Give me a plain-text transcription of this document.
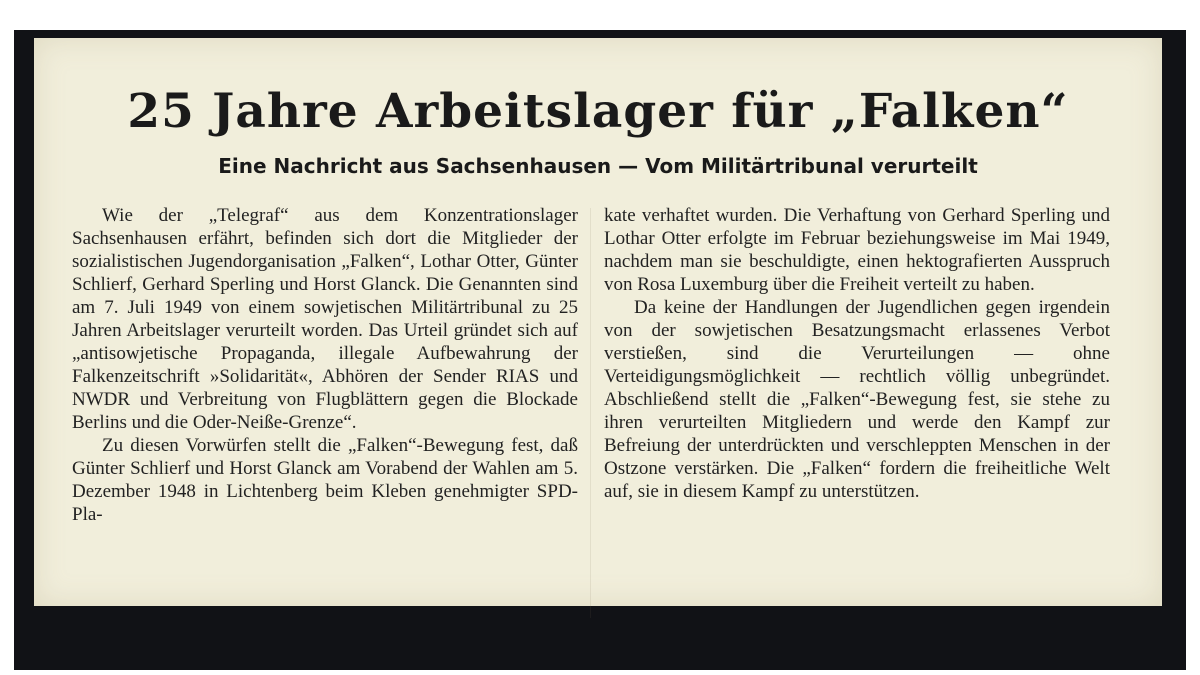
25 Jahre Arbeitslager für „Falken“
Eine Nachricht aus Sachsenhausen — Vom Militärtribunal verurteilt

Wie der „Telegraf“ aus dem Konzentrationslager Sachsenhausen erfährt, befinden sich dort die Mitglieder der sozialistischen Jugendorganisation „Falken“, Lothar Otter, Günter Schlierf, Gerhard Sperling und Horst Glanck. Die Genannten sind am 7. Juli 1949 von einem sowjetischen Militärtribunal zu 25 Jahren Arbeitslager verurteilt worden. Das Urteil gründet sich auf „antisowjetische Propaganda, illegale Aufbewahrung der Falkenzeitschrift »Solidarität«, Abhören der Sender RIAS und NWDR und Verbreitung von Flugblättern gegen die Blockade Berlins und die Oder-Neiße-Grenze“.

Zu diesen Vorwürfen stellt die „Falken“-Bewegung fest, daß Günter Schlierf und Horst Glanck am Vorabend der Wahlen am 5. Dezember 1948 in Lichtenberg beim Kleben genehmigter SPD-Pla-

kate verhaftet wurden. Die Verhaftung von Gerhard Sperling und Lothar Otter erfolgte im Februar beziehungsweise im Mai 1949, nachdem man sie beschuldigte, einen hektografierten Ausspruch von Rosa Luxemburg über die Freiheit verteilt zu haben.

Da keine der Handlungen der Jugendlichen gegen irgendein von der sowjetischen Besatzungsmacht erlassenes Verbot verstießen, sind die Verurteilungen — ohne Verteidigungsmöglichkeit — rechtlich völlig unbegründet. Abschließend stellt die „Falken“-Bewegung fest, sie stehe zu ihren verurteilten Mitgliedern und werde den Kampf zur Befreiung der unterdrückten und verschleppten Menschen in der Ostzone verstärken. Die „Falken“ fordern die freiheitliche Welt auf, sie in diesem Kampf zu unterstützen.
